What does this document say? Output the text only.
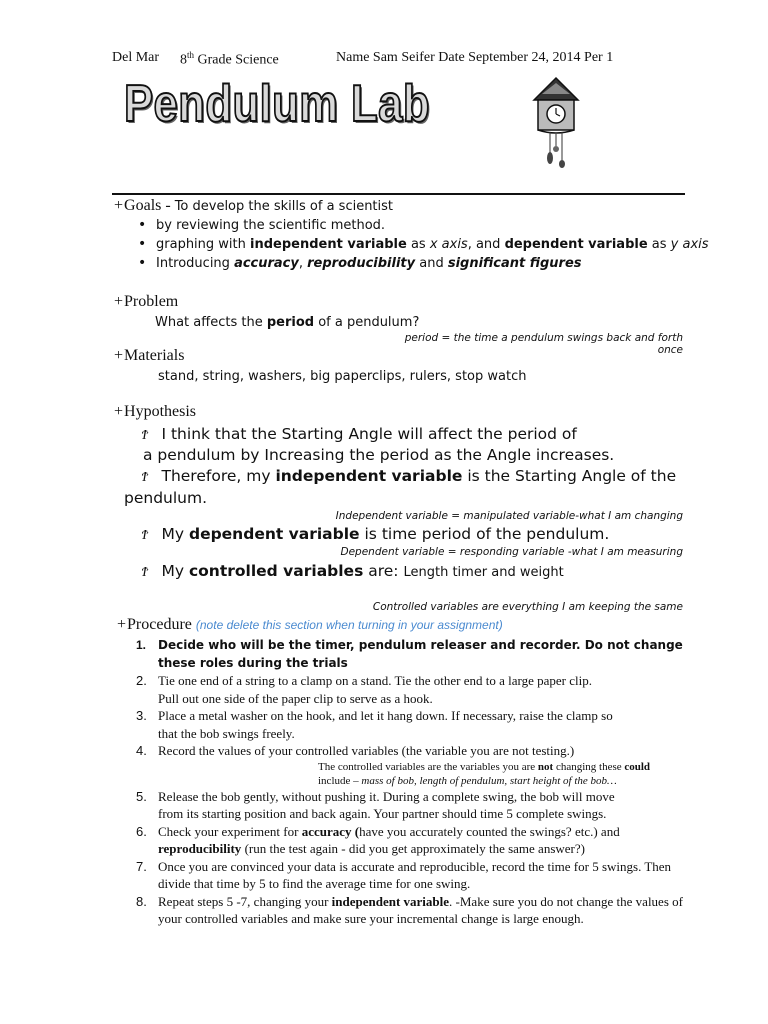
Del Mar 8th Grade Science	Name Sam Seifer Date September 24, 2014 Per 1
Pendulum Lab
+Goals - To develop the skills of a scientist
• by reviewing the scientific method.
• graphing with independent variable as x axis, and dependent variable as y axis
• Introducing accuracy, reproducibility and significant figures
+Problem
What affects the period of a pendulum?
period = the time a pendulum swings back and forth once
+Materials
stand, string, washers, big paperclips, rulers, stop watch
+Hypothesis
Ϯ I think that the Starting Angle will affect the period of
a pendulum by Increasing the period as the Angle increases.
Ϯ Therefore, my independent variable is the Starting Angle of the
pendulum.
Independent variable = manipulated variable-what I am changing
Ϯ My dependent variable is time period of the pendulum.
Dependent variable = responding variable -what I am measuring
Ϯ My controlled variables are: Length timer and weight
Controlled variables are everything I am keeping the same
+Procedure (note delete this section when turning in your assignment)
1. Decide who will be the timer, pendulum releaser and recorder. Do not change these roles during the trials
2. Tie one end of a string to a clamp on a stand. Tie the other end to a large paper clip. Pull out one side of the paper clip to serve as a hook.
3. Place a metal washer on the hook, and let it hang down. If necessary, raise the clamp so that the bob swings freely.
4. Record the values of your controlled variables (the variable you are not testing.)
The controlled variables are the variables you are not changing these could
include – mass of bob, length of pendulum, start height of the bob…
5. Release the bob gently, without pushing it. During a complete swing, the bob will move from its starting position and back again. Your partner should time 5 complete swings.
6. Check your experiment for accuracy (have you accurately counted the swings? etc.) and reproducibility (run the test again - did you get approximately the same answer?)
7. Once you are convinced your data is accurate and reproducible, record the time for 5 swings. Then divide that time by 5 to find the average time for one swing.
8. Repeat steps 5 -7, changing your independent variable. -Make sure you do not change the values of your controlled variables and make sure your incremental change is large enough.
